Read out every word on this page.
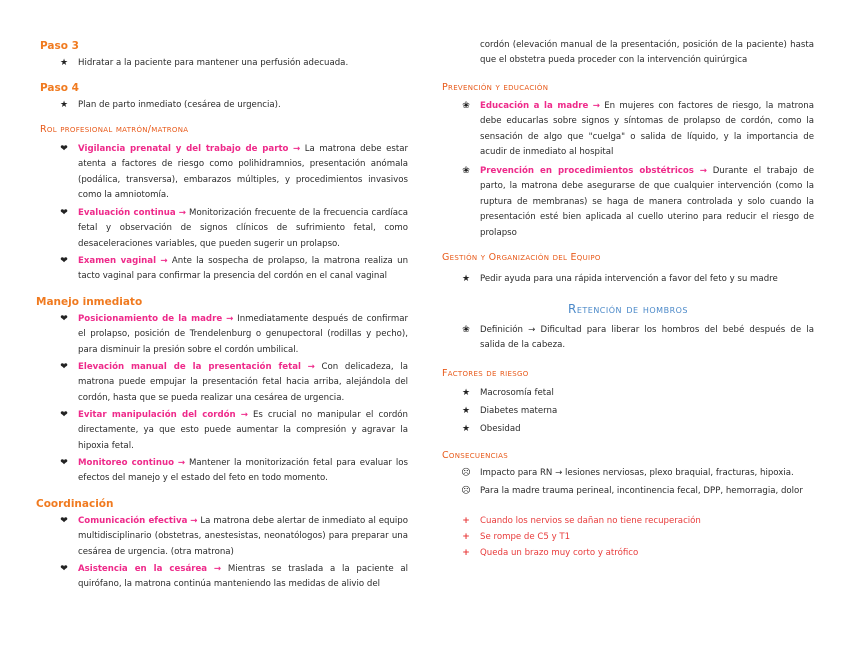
Paso 3
★ Hidratar a la paciente para mantener una perfusión adecuada.
Paso 4
★ Plan de parto inmediato (cesárea de urgencia).
Rol profesional matrón/matrona
❤ Vigilancia prenatal y del trabajo de parto → La matrona debe estar atenta a factores de riesgo como polihidramnios, presentación anómala (podálica, transversa), embarazos múltiples, y procedimientos invasivos como la amniotomía.
❤ Evaluación continua → Monitorización frecuente de la frecuencia cardíaca fetal y observación de signos clínicos de sufrimiento fetal, como desaceleraciones variables, que pueden sugerir un prolapso.
❤ Examen vaginal → Ante la sospecha de prolapso, la matrona realiza un tacto vaginal para confirmar la presencia del cordón en el canal vaginal
Manejo inmediato
❤ Posicionamiento de la madre → Inmediatamente después de confirmar el prolapso, posición de Trendelenburg o genupectoral (rodillas y pecho), para disminuir la presión sobre el cordón umbilical.
❤ Elevación manual de la presentación fetal → Con delicadeza, la matrona puede empujar la presentación fetal hacia arriba, alejándola del cordón, hasta que se pueda realizar una cesárea de urgencia.
❤ Evitar manipulación del cordón → Es crucial no manipular el cordón directamente, ya que esto puede aumentar la compresión y agravar la hipoxia fetal.
❤ Monitoreo continuo → Mantener la monitorización fetal para evaluar los efectos del manejo y el estado del feto en todo momento.
Coordinación
❤ Comunicación efectiva → La matrona debe alertar de inmediato al equipo multidisciplinario (obstetras, anestesistas, neonatólogos) para preparar una cesárea de urgencia. (otra matrona)
❤ Asistencia en la cesárea → Mientras se traslada a la paciente al quirófano, la matrona continúa manteniendo las medidas de alivio del
cordón (elevación manual de la presentación, posición de la paciente) hasta que el obstetra pueda proceder con la intervención quirúrgica
Prevención y educación
❀ Educación a la madre → En mujeres con factores de riesgo, la matrona debe educarlas sobre signos y síntomas de prolapso de cordón, como la sensación de algo que "cuelga" o salida de líquido, y la importancia de acudir de inmediato al hospital
❀ Prevención en procedimientos obstétricos → Durante el trabajo de parto, la matrona debe asegurarse de que cualquier intervención (como la ruptura de membranas) se haga de manera controlada y solo cuando la presentación esté bien aplicada al cuello uterino para reducir el riesgo de prolapso
Gestión y Organización del Equipo
★ Pedir ayuda para una rápida intervención a favor del feto y su madre
Retención de hombros
❀ Definición → Dificultad para liberar los hombros del bebé después de la salida de la cabeza.
Factores de riesgo
★ Macrosomía fetal
★ Diabetes materna
★ Obesidad
Consecuencias
☹ Impacto para RN → lesiones nerviosas, plexo braquial, fracturas, hipoxia.
☹ Para la madre trauma perineal, incontinencia fecal, DPP, hemorragia, dolor
+ Cuando los nervios se dañan no tiene recuperación
+ Se rompe de C5 y T1
+ Queda un brazo muy corto y atrófico
